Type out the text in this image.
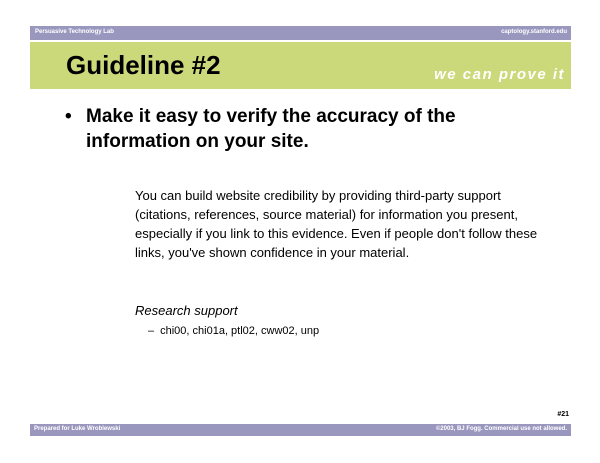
Persuasive Technology Lab	captology.stanford.edu
Guideline #2	we can prove it
• Make it easy to verify the accuracy of the information on your site.
You can build website credibility by providing third-party support (citations, references, source material) for information you present, especially if you link to this evidence. Even if people don't follow these links, you've shown confidence in your material.
Research support
– chi00, chi01a, ptl02, cww02, unp
#21
Prepared for Luke Wroblewski	©2003, BJ Fogg. Commercial use not allowed.
